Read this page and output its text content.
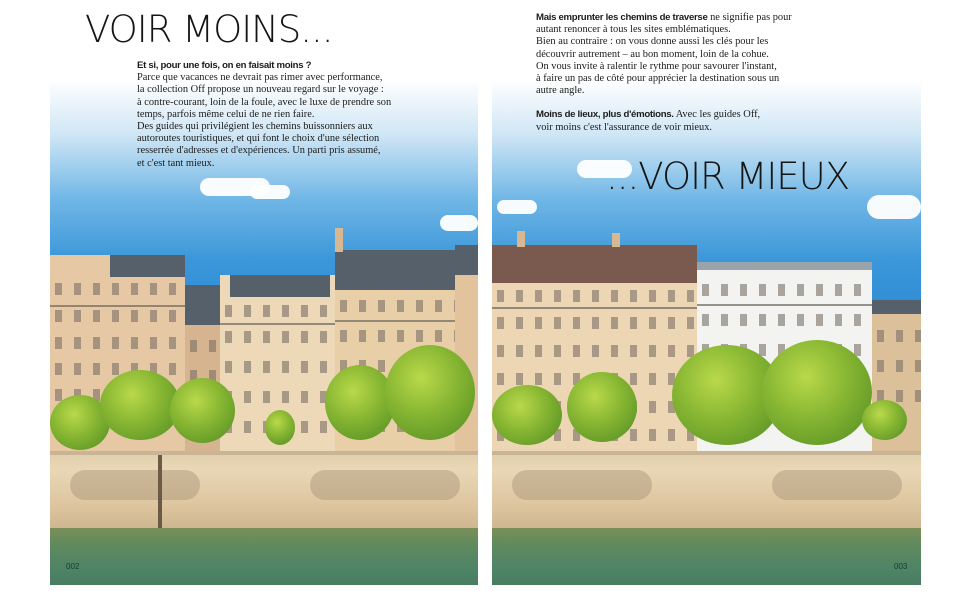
VOIR MOINS...

Et si, pour une fois, on en faisait moins ?

Parce que vacances ne devrait pas rimer avec performance,

la collection Off propose un nouveau regard sur le voyage :

à contre-courant, loin de la foule, avec le luxe de prendre son

temps, parfois même celui de ne rien faire.

Des guides qui privilégient les chemins buissonniers aux

autoroutes touristiques, et qui font le choix d'une sélection

resserrée d'adresses et d'expériences. Un parti pris assumé,

et c'est tant mieux.

002

Mais emprunter les chemins de traverse ne signifie pas pour

autant renoncer à tous les sites emblématiques.

Bien au contraire : on vous donne aussi les clés pour les

découvrir autrement – au bon moment, loin de la cohue.

On vous invite à ralentir le rythme pour savourer l'instant,

à faire un pas de côté pour apprécier la destination sous un

autre angle.

Moins de lieux, plus d'émotions. Avec les guides Off,

voir moins c'est l'assurance de voir mieux.

...VOIR MIEUX
003
